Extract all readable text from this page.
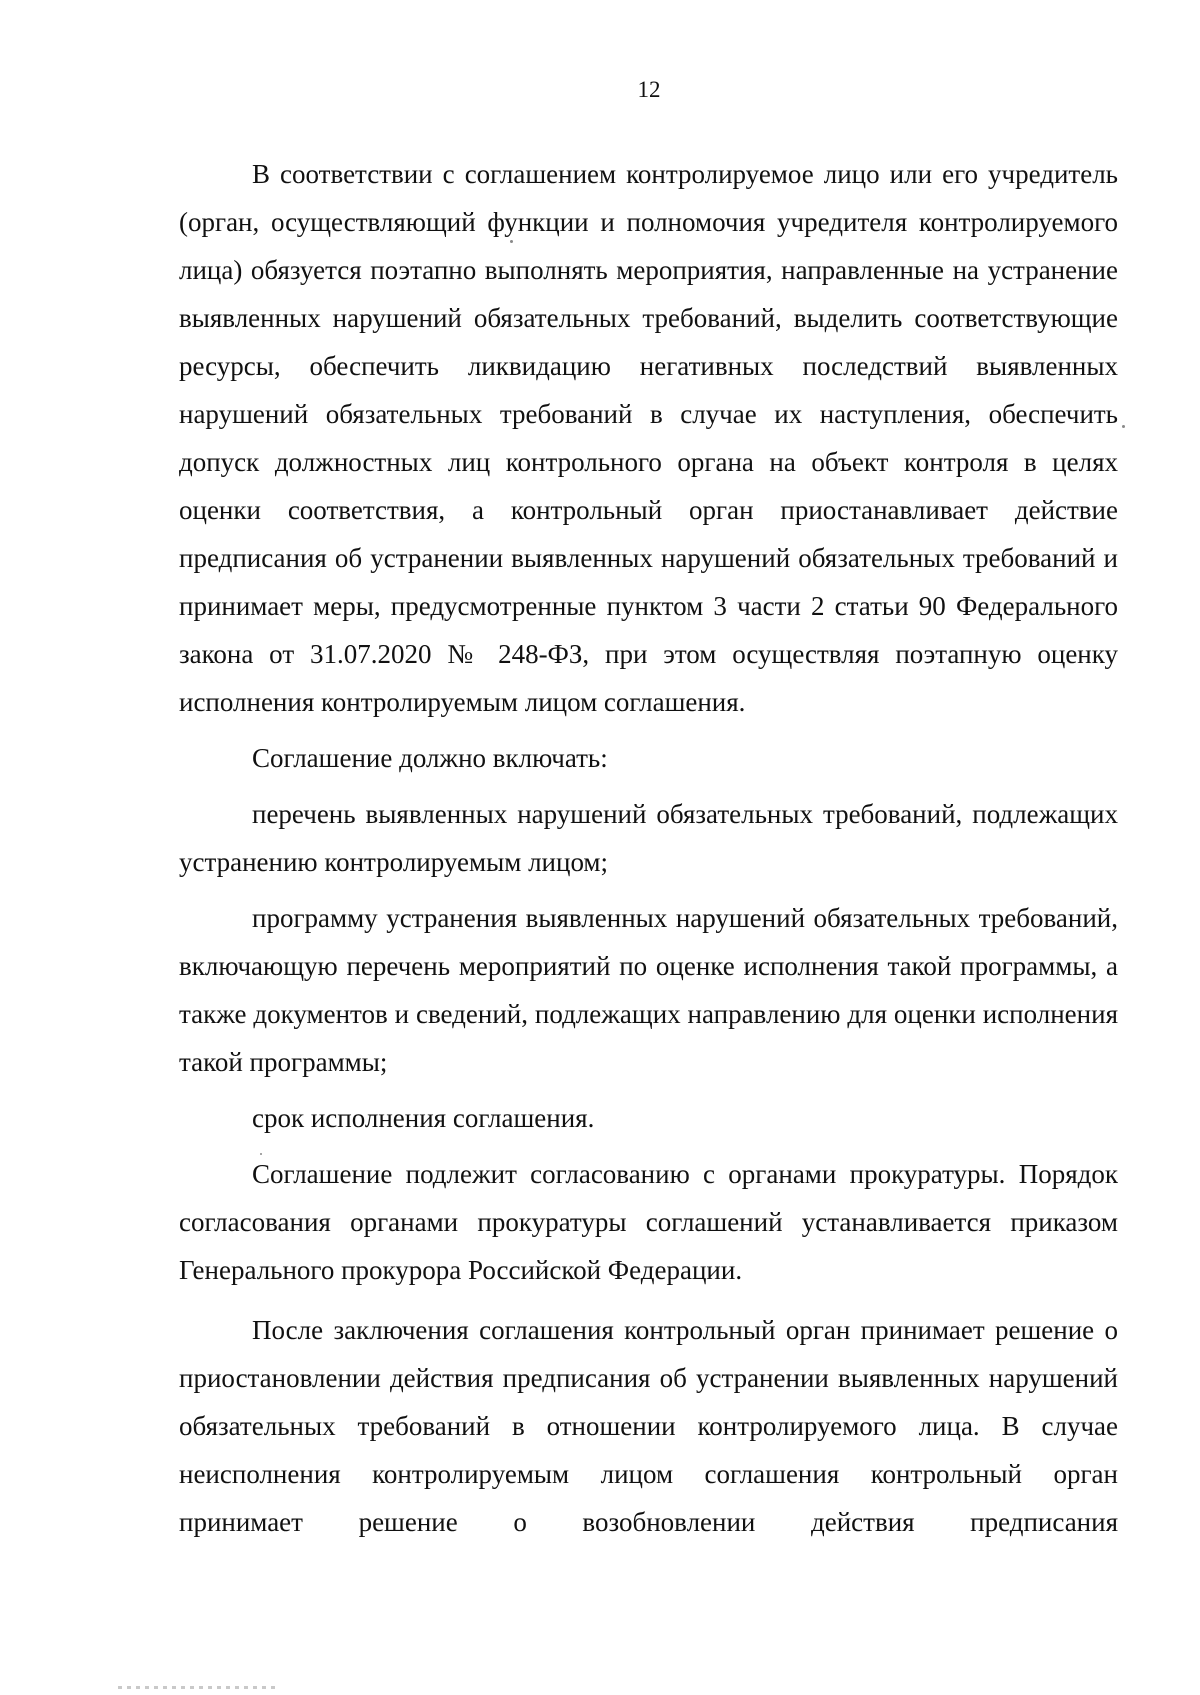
12

В соответствии с соглашением контролируемое лицо или его учредитель (орган, осуществляющий функции и полномочия учредителя контролируемого лица) обязуется поэтапно выполнять мероприятия, направленные на устранение выявленных нарушений обязательных требований, выделить соответствующие ресурсы, обеспечить ликвидацию негативных последствий выявленных нарушений обязательных требований в случае их наступления, обеспечить допуск должностных лиц контрольного органа на объект контроля в целях оценки соответствия, а контрольный орган приостанавливает действие предписания об устранении выявленных нарушений обязательных требований и принимает меры, предусмотренные пунктом 3 части 2 статьи 90 Федерального закона от 31.07.2020 № 248-ФЗ, при этом осуществляя поэтапную оценку исполнения контролируемым лицом соглашения.

Соглашение должно включать:

перечень выявленных нарушений обязательных требований, подлежащих устранению контролируемым лицом;

программу устранения выявленных нарушений обязательных требований, включающую перечень мероприятий по оценке исполнения такой программы, а также документов и сведений, подлежащих направлению для оценки исполнения такой программы;

срок исполнения соглашения.

Соглашение подлежит согласованию с органами прокуратуры. Порядок согласования органами прокуратуры соглашений устанавливается приказом Генерального прокурора Российской Федерации.

После заключения соглашения контрольный орган принимает решение о приостановлении действия предписания об устранении выявленных нарушений обязательных требований в отношении контролируемого лица. В случае неисполнения контролируемым лицом соглашения контрольный орган принимает решение о возобновлении действия предписания
